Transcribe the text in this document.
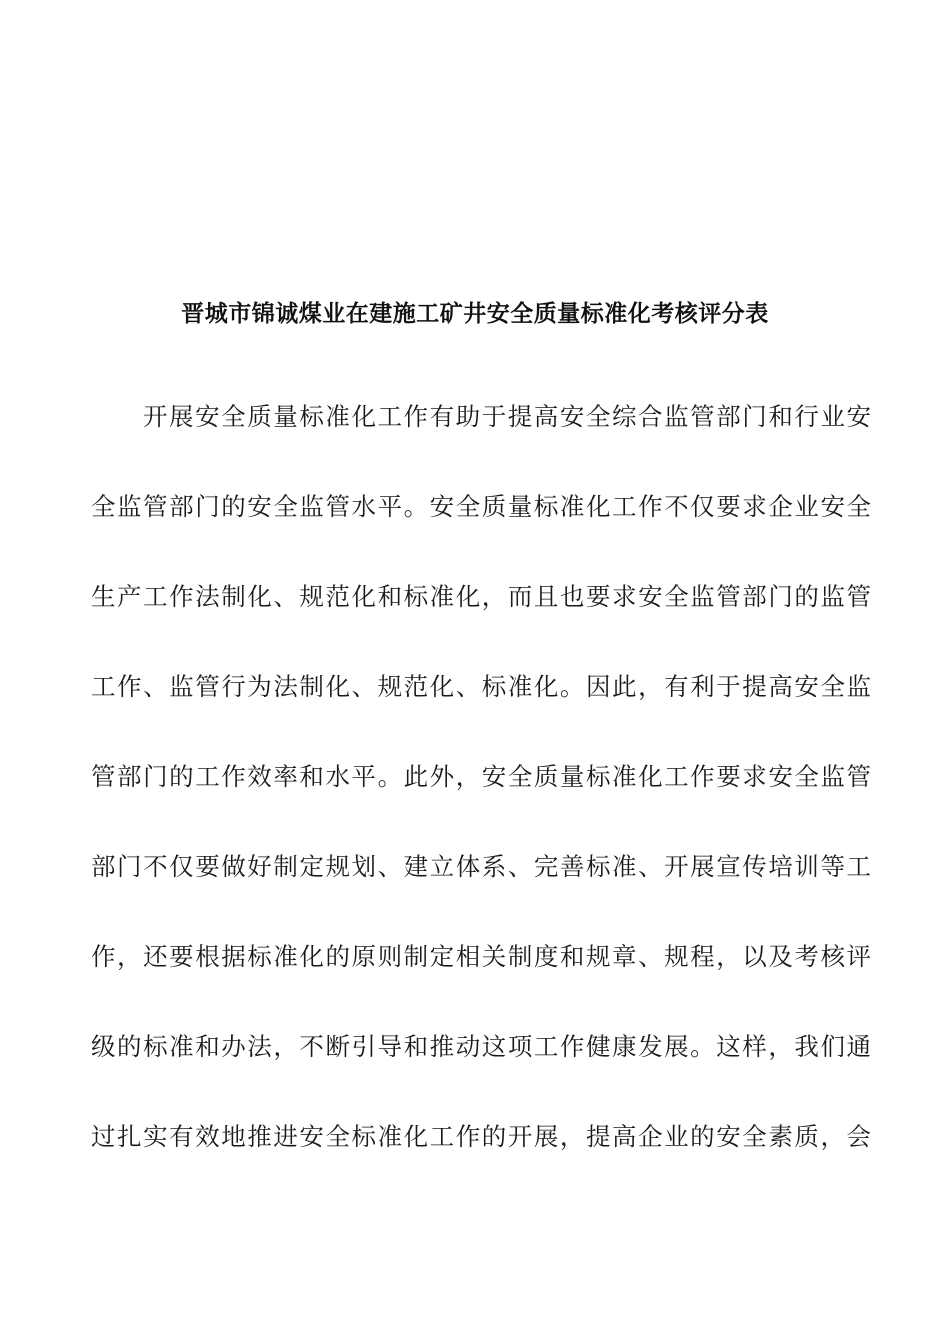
晋城市锦诚煤业在建施工矿井安全质量标准化考核评分表
开展安全质量标准化工作有助于提高安全综合监管部门和行业安
全监管部门的安全监管水平。安全质量标准化工作不仅要求企业安全
生产工作法制化、规范化和标准化，而且也要求安全监管部门的监管
工作、监管行为法制化、规范化、标准化。因此，有利于提高安全监
管部门的工作效率和水平。此外，安全质量标准化工作要求安全监管
部门不仅要做好制定规划、建立体系、完善标准、开展宣传培训等工
作，还要根据标准化的原则制定相关制度和规章、规程，以及考核评
级的标准和办法，不断引导和推动这项工作健康发展。这样，我们通
过扎实有效地推进安全标准化工作的开展，提高企业的安全素质，会
